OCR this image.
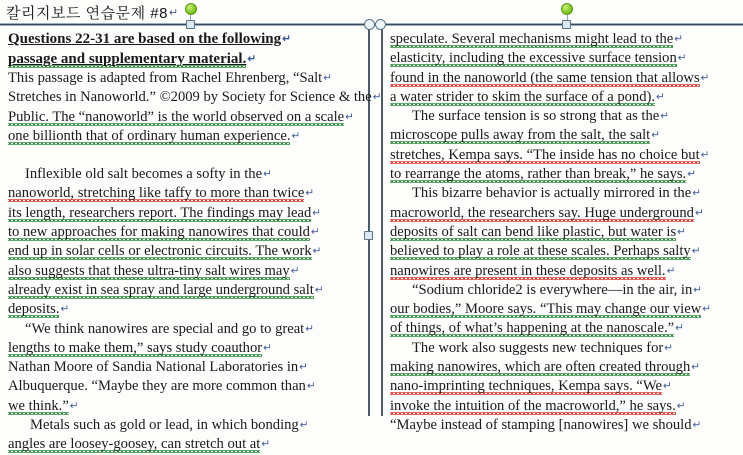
칼리지보드 연습문제 #8↵
Questions 22-31 are based on the following↵
passage and supplementary material.↵
This passage is adapted from Rachel Ehrenberg, “Salt↵
Stretches in Nanoworld.” ©2009 by Society for Science & the↵
Public. The “nanoworld” is the world observed on a scale↵
one billionth that of ordinary human experience.↵
Inflexible old salt becomes a softy in the↵
nanoworld, stretching like taffy to more than twice↵
its length, researchers report. The findings may lead↵
to new approaches for making nanowires that could↵
end up in solar cells or electronic circuits. The work↵
also suggests that these ultra-tiny salt wires may↵
already exist in sea spray and large underground salt↵
deposits.↵
“We think nanowires are special and go to great↵
lengths to make them,” says study coauthor↵
Nathan Moore of Sandia National Laboratories in↵
Albuquerque. “Maybe they are more common than↵
we think.”↵
Metals such as gold or lead, in which bonding↵
angles are loosey-goosey, can stretch out at↵
speculate. Several mechanisms might lead to the↵
elasticity, including the excessive surface tension↵
found in the nanoworld (the same tension that allows↵
a water strider to skim the surface of a pond).↵
The surface tension is so strong that as the↵
microscope pulls away from the salt, the salt↵
stretches, Kempa says. “The inside has no choice but↵
to rearrange the atoms, rather than break,” he says.↵
This bizarre behavior is actually mirrored in the↵
macroworld, the researchers say. Huge underground↵
deposits of salt can bend like plastic, but water is↵
believed to play a role at these scales. Perhaps salty↵
nanowires are present in these deposits as well.↵
“Sodium chloride2 is everywhere—in the air, in↵
our bodies,” Moore says. “This may change our view↵
of things, of what’s happening at the nanoscale.”↵
The work also suggests new techniques for↵
making nanowires, which are often created through↵
nano-imprinting techniques, Kempa says. “We↵
invoke the intuition of the macroworld,” he says.↵
“Maybe instead of stamping [nanowires] we should↵
